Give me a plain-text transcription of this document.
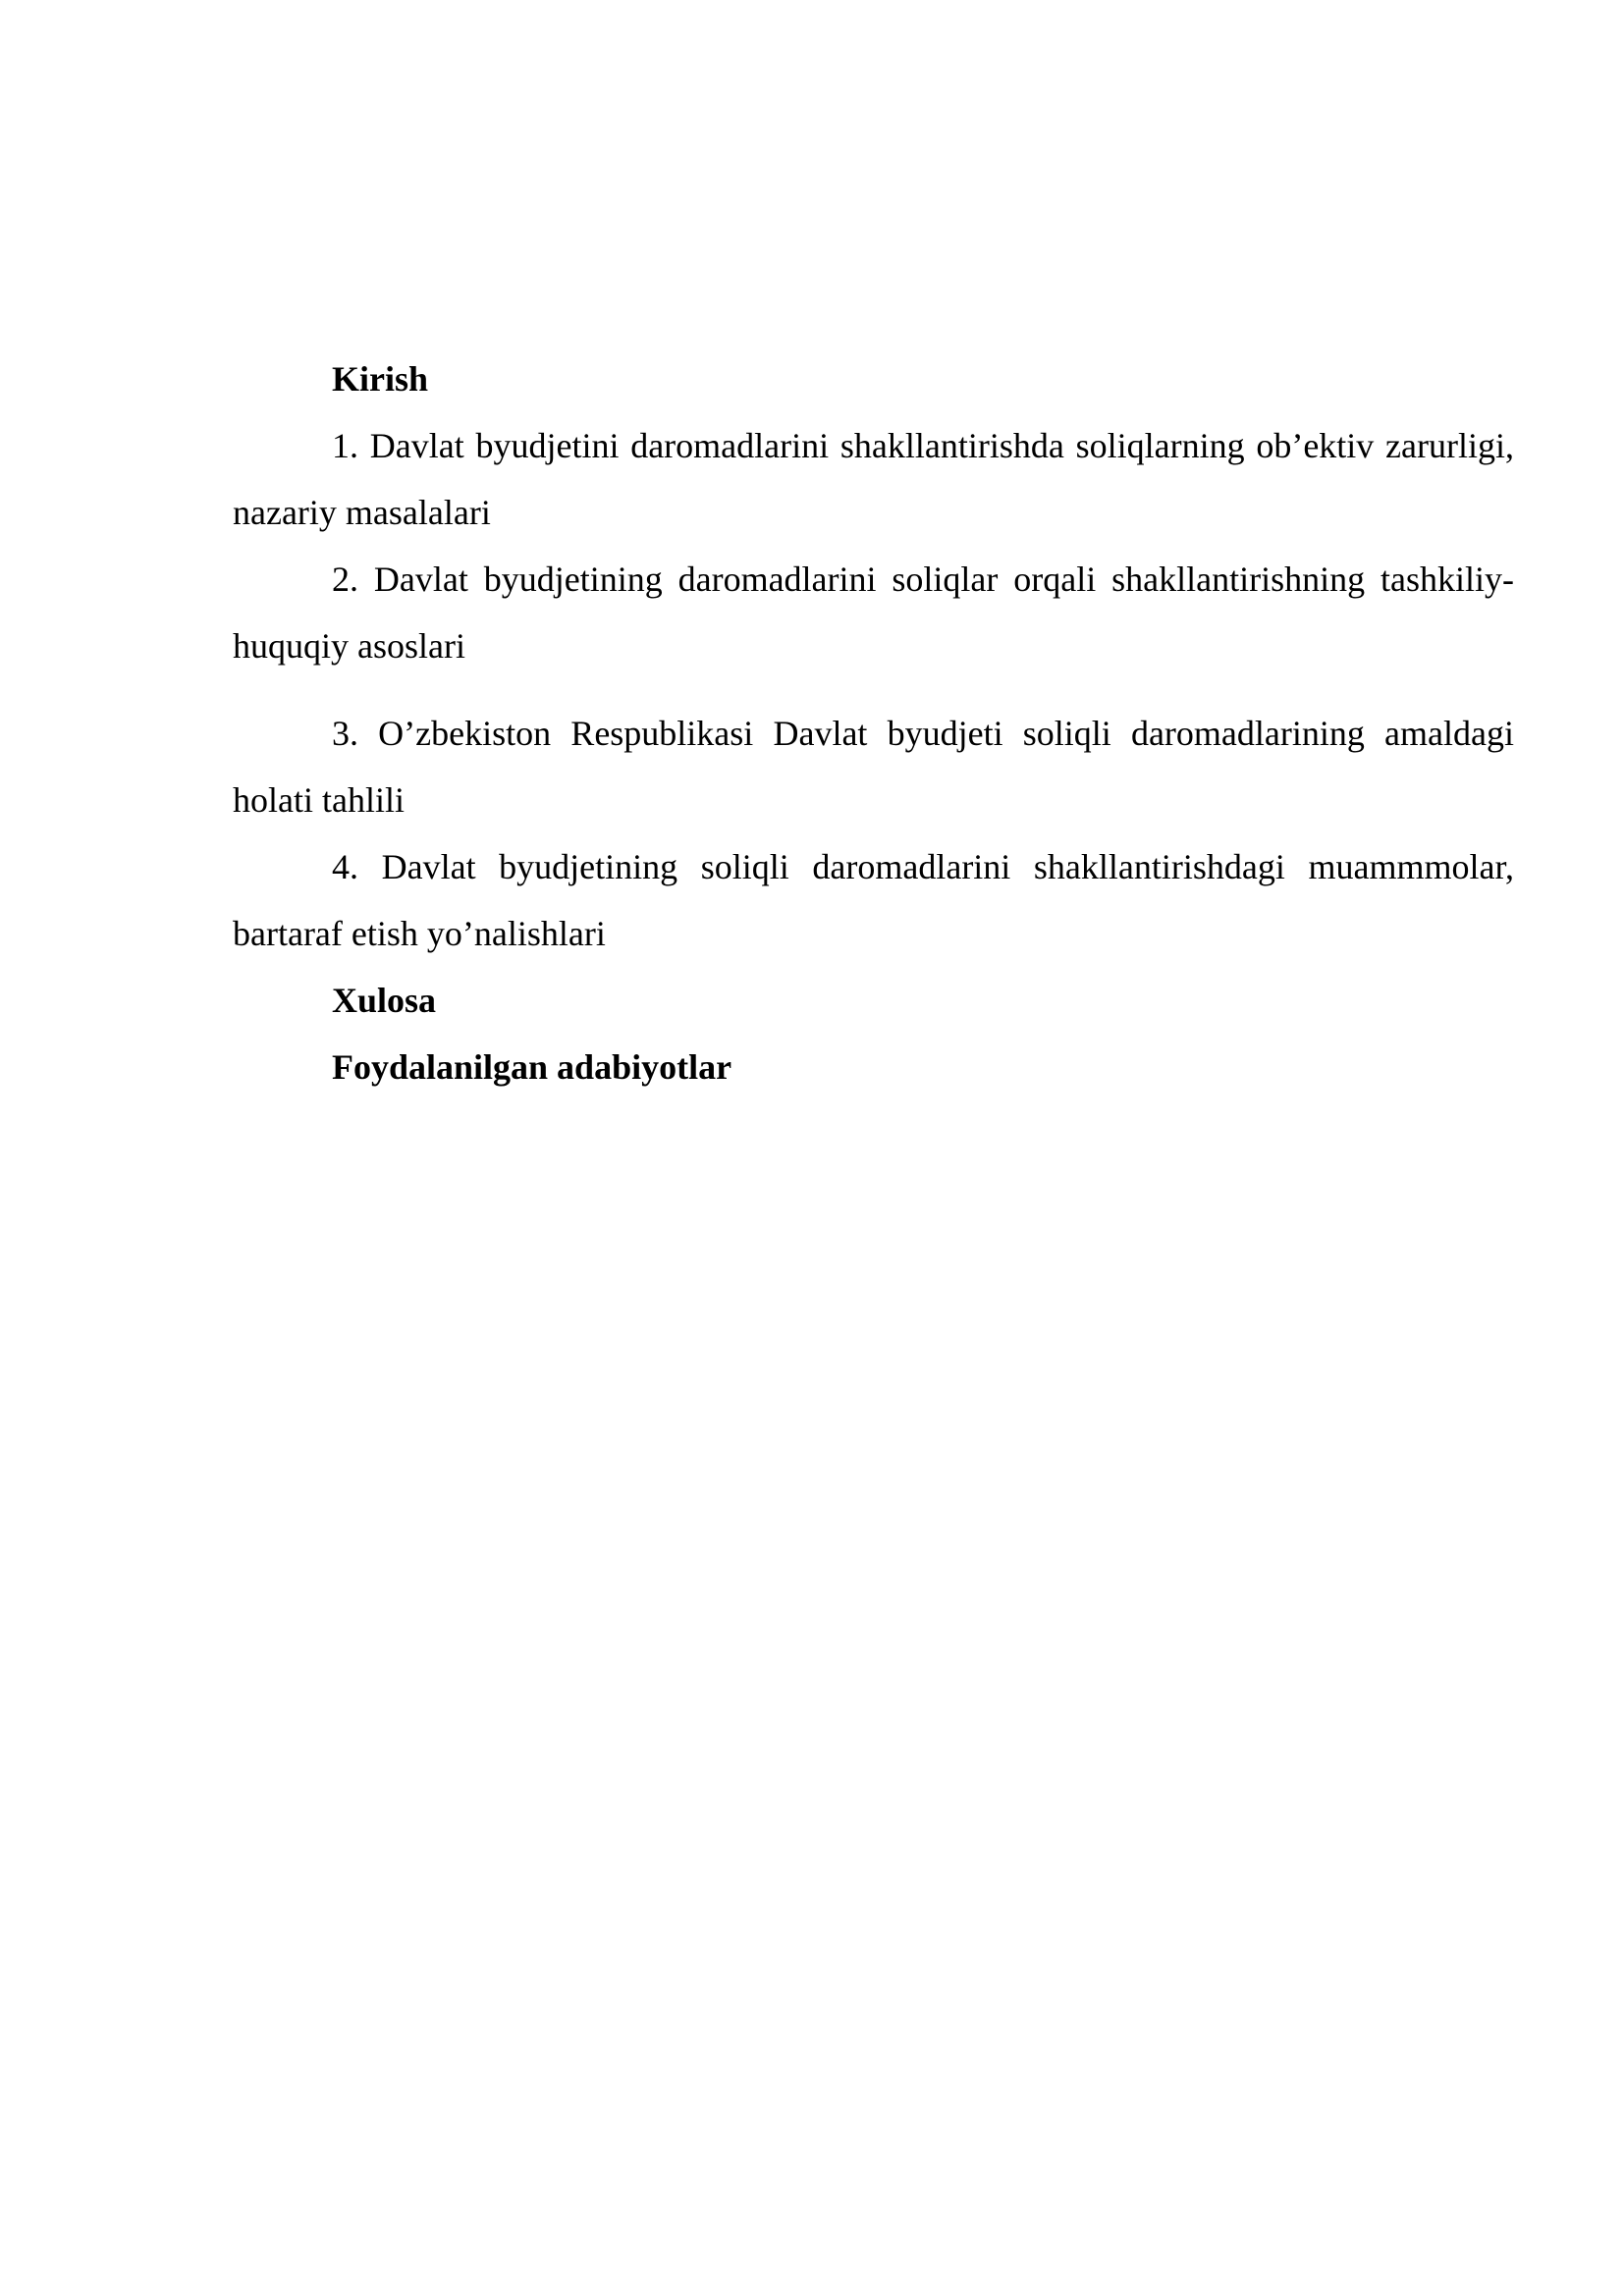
Kirish

1. Davlat byudjetini daromadlarini shakllantirishda soliqlarning ob’ektiv zarurligi, nazariy masalalari

2. Davlat byudjetining daromadlarini soliqlar orqali shakllantirishning tashkiliy-huquqiy asoslari

3. O’zbekiston Respublikasi Davlat byudjeti soliqli daromadlarining amaldagi holati tahlili

4. Davlat byudjetining soliqli daromadlarini shakllantirishdagi muammmolar, bartaraf etish yo’nalishlari

Xulosa
Foydalanilgan adabiyotlar
